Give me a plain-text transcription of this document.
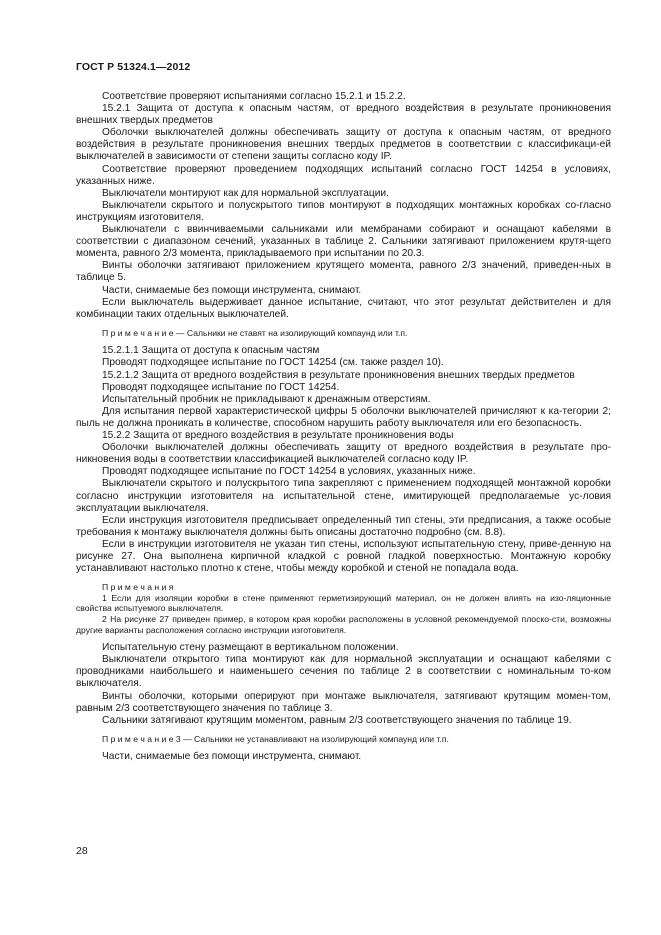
ГОСТ Р 51324.1—2012

Соответствие проверяют испытаниями согласно 15.2.1 и 15.2.2.

15.2.1 Защита от доступа к опасным частям, от вредного воздействия в результате проникновения внешних твердых предметов

Оболочки выключателей должны обеспечивать защиту от доступа к опасным частям, от вредного воздействия в результате проникновения внешних твердых предметов в соответствии с классификаци-ей выключателей в зависимости от степени защиты согласно коду IP.

Соответствие проверяют проведением подходящих испытаний согласно ГОСТ 14254 в условиях, указанных ниже.

Выключатели монтируют как для нормальной эксплуатации.

Выключатели скрытого и полускрытого типов монтируют в подходящих монтажных коробках со-гласно инструкциям изготовителя.

Выключатели с ввинчиваемыми сальниками или мембранами собирают и оснащают кабелями в соответствии с диапазоном сечений, указанных в таблице 2. Сальники затягивают приложением крутя-щего момента, равного 2/3 момента, прикладываемого при испытании по 20.3.

Винты оболочки затягивают приложением крутящего момента, равного 2/3 значений, приведен-ных в таблице 5.

Части, снимаемые без помощи инструмента, снимают.

Если выключатель выдерживает данное испытание, считают, что этот результат действителен и для комбинации таких отдельных выключателей.

П р и м е ч а н и е — Сальники не ставят на изолирующий компаунд или т.п.

15.2.1.1 Защита от доступа к опасным частям

Проводят подходящее испытание по ГОСТ 14254 (см. также раздел 10).

15.2.1.2 Защита от вредного воздействия в результате проникновения внешних твердых предметов

Проводят подходящее испытание по ГОСТ 14254.

Испытательный пробник не прикладывают к дренажным отверстиям.

Для испытания первой характеристической цифры 5 оболочки выключателей причисляют к ка-тегории 2; пыль не должна проникать в количестве, способном нарушить работу выключателя или его безопасность.

15.2.2 Защита от вредного воздействия в результате проникновения воды

Оболочки выключателей должны обеспечивать защиту от вредного воздействия в результате про-никновения воды в соответствии классификацией выключателей согласно коду IP.

Проводят подходящее испытание по ГОСТ 14254 в условиях, указанных ниже.

Выключатели скрытого и полускрытого типа закрепляют с применением подходящей монтажной коробки согласно инструкции изготовителя на испытательной стене, имитирующей предполагаемые ус-ловия эксплуатации выключателя.

Если инструкция изготовителя предписывает определенный тип стены, эти предписания, а также особые требования к монтажу выключателя должны быть описаны достаточно подробно (см. 8.8).

Если в инструкции изготовителя не указан тип стены, используют испытательную стену, приве-денную на рисунке 27. Она выполнена кирпичной кладкой с ровной гладкой поверхностью. Монтажную коробку устанавливают настолько плотно к стене, чтобы между коробкой и стеной не попадала вода.

П р и м е ч а н и я

1 Если для изоляции коробки в стене применяют герметизирующий материал, он не должен влиять на изо-ляционные свойства испытуемого выключателя.

2 На рисунке 27 приведен пример, в котором края коробки расположены в условной рекомендуемой плоско-сти, возможны другие варианты расположения согласно инструкции изготовителя.

Испытательную стену размещают в вертикальном положении.

Выключатели открытого типа монтируют как для нормальной эксплуатации и оснащают кабелями с проводниками наибольшего и наименьшего сечения по таблице 2 в соответствии с номинальным то-ком выключателя.

Винты оболочки, которыми оперируют при монтаже выключателя, затягивают крутящим момен-том, равным 2/3 соответствующего значения по таблице 3.

Сальники затягивают крутящим моментом, равным 2/3 соответствующего значения по таблице 19.

П р и м е ч а н и е 3 — Сальники не устанавливают на изолирующий компаунд или т.п.

Части, снимаемые без помощи инструмента, снимают.

28
